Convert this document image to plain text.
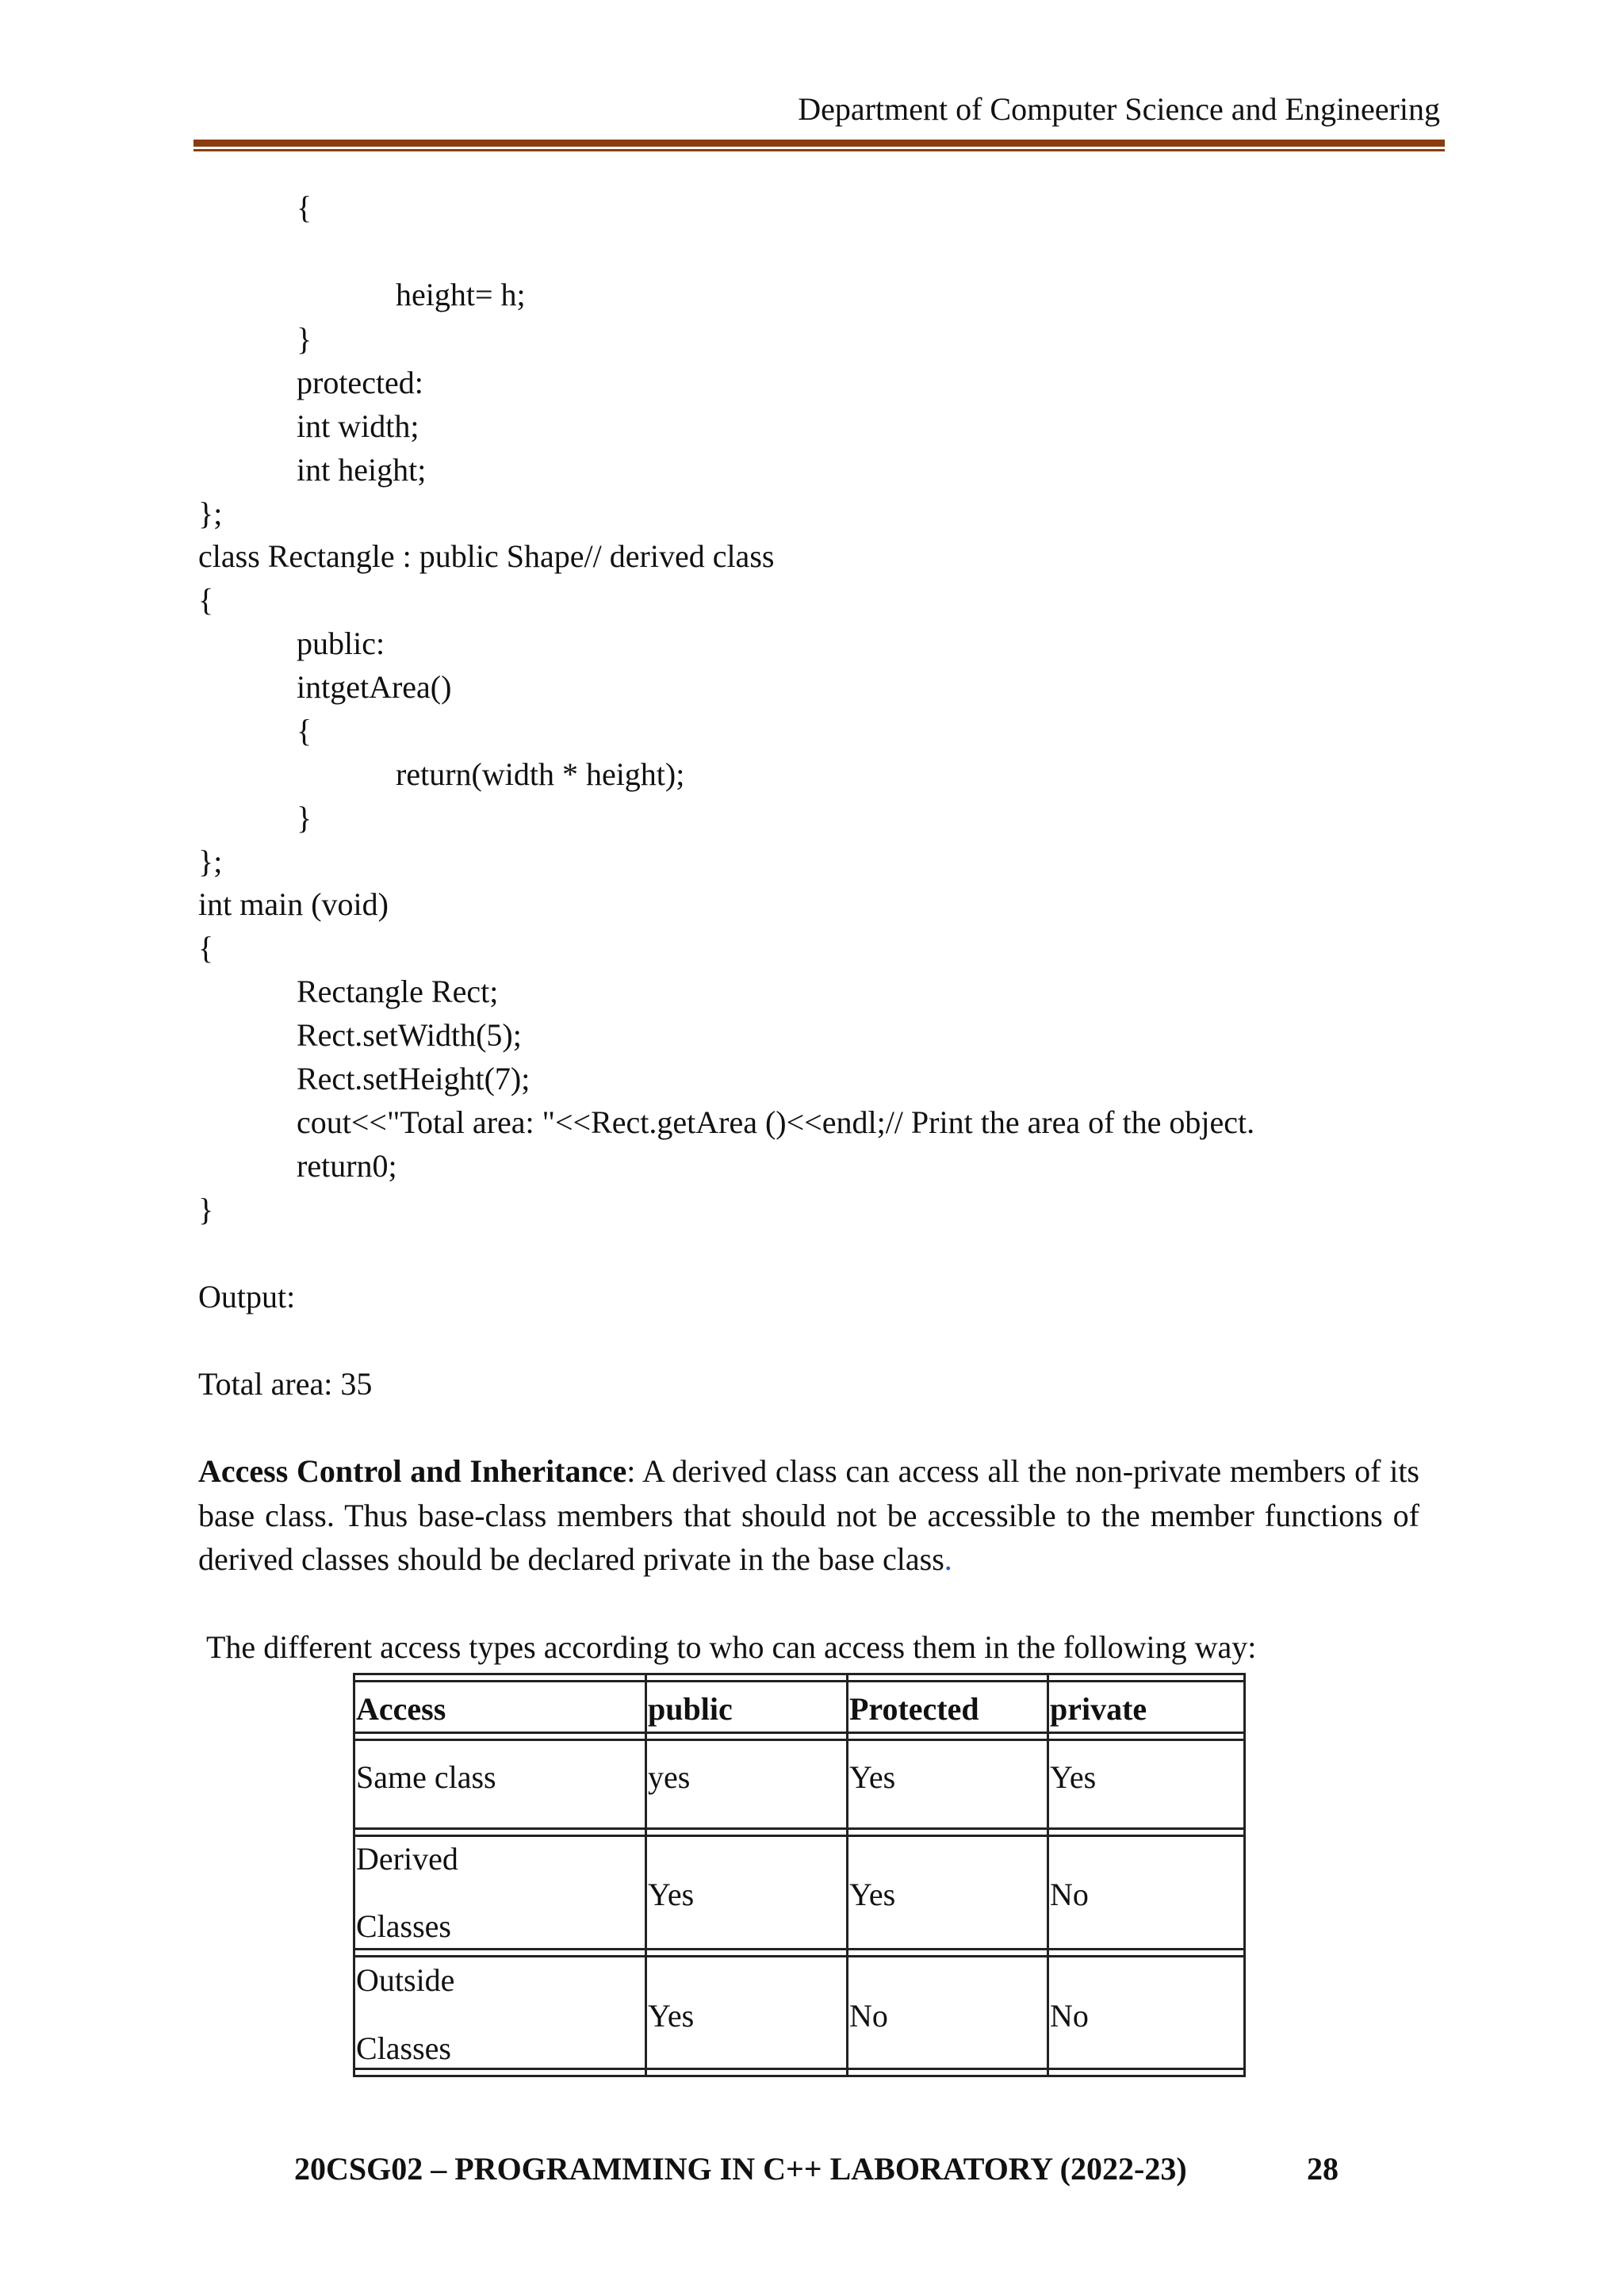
Department of Computer Science and Engineering
{
height= h;
}
protected:
int width;
int height;
};
class Rectangle : public Shape// derived class
{
public:
intgetArea()
{
return(width * height);
}
};
int main (void)
{
Rectangle Rect;
Rect.setWidth(5);
Rect.setHeight(7);
cout<<"Total area: "<<Rect.getArea ()<<endl;// Print the area of the object.
return0;
}
Output:
Total area: 35
Access Control and Inheritance: A derived class can access all the non-private members of its base class. Thus base-class members that should not be accessible to the member functions of derived classes should be declared private in the base class.
The different access types according to who can access them in the following way:
Access	public	Protected private
Same class	yes	Yes	Yes
Derived
Classes
Yes	Yes	No
Outside
Classes
Yes	No	No
20CSG02 – PROGRAMMING IN C++ LABORATORY (2022-23)	28
